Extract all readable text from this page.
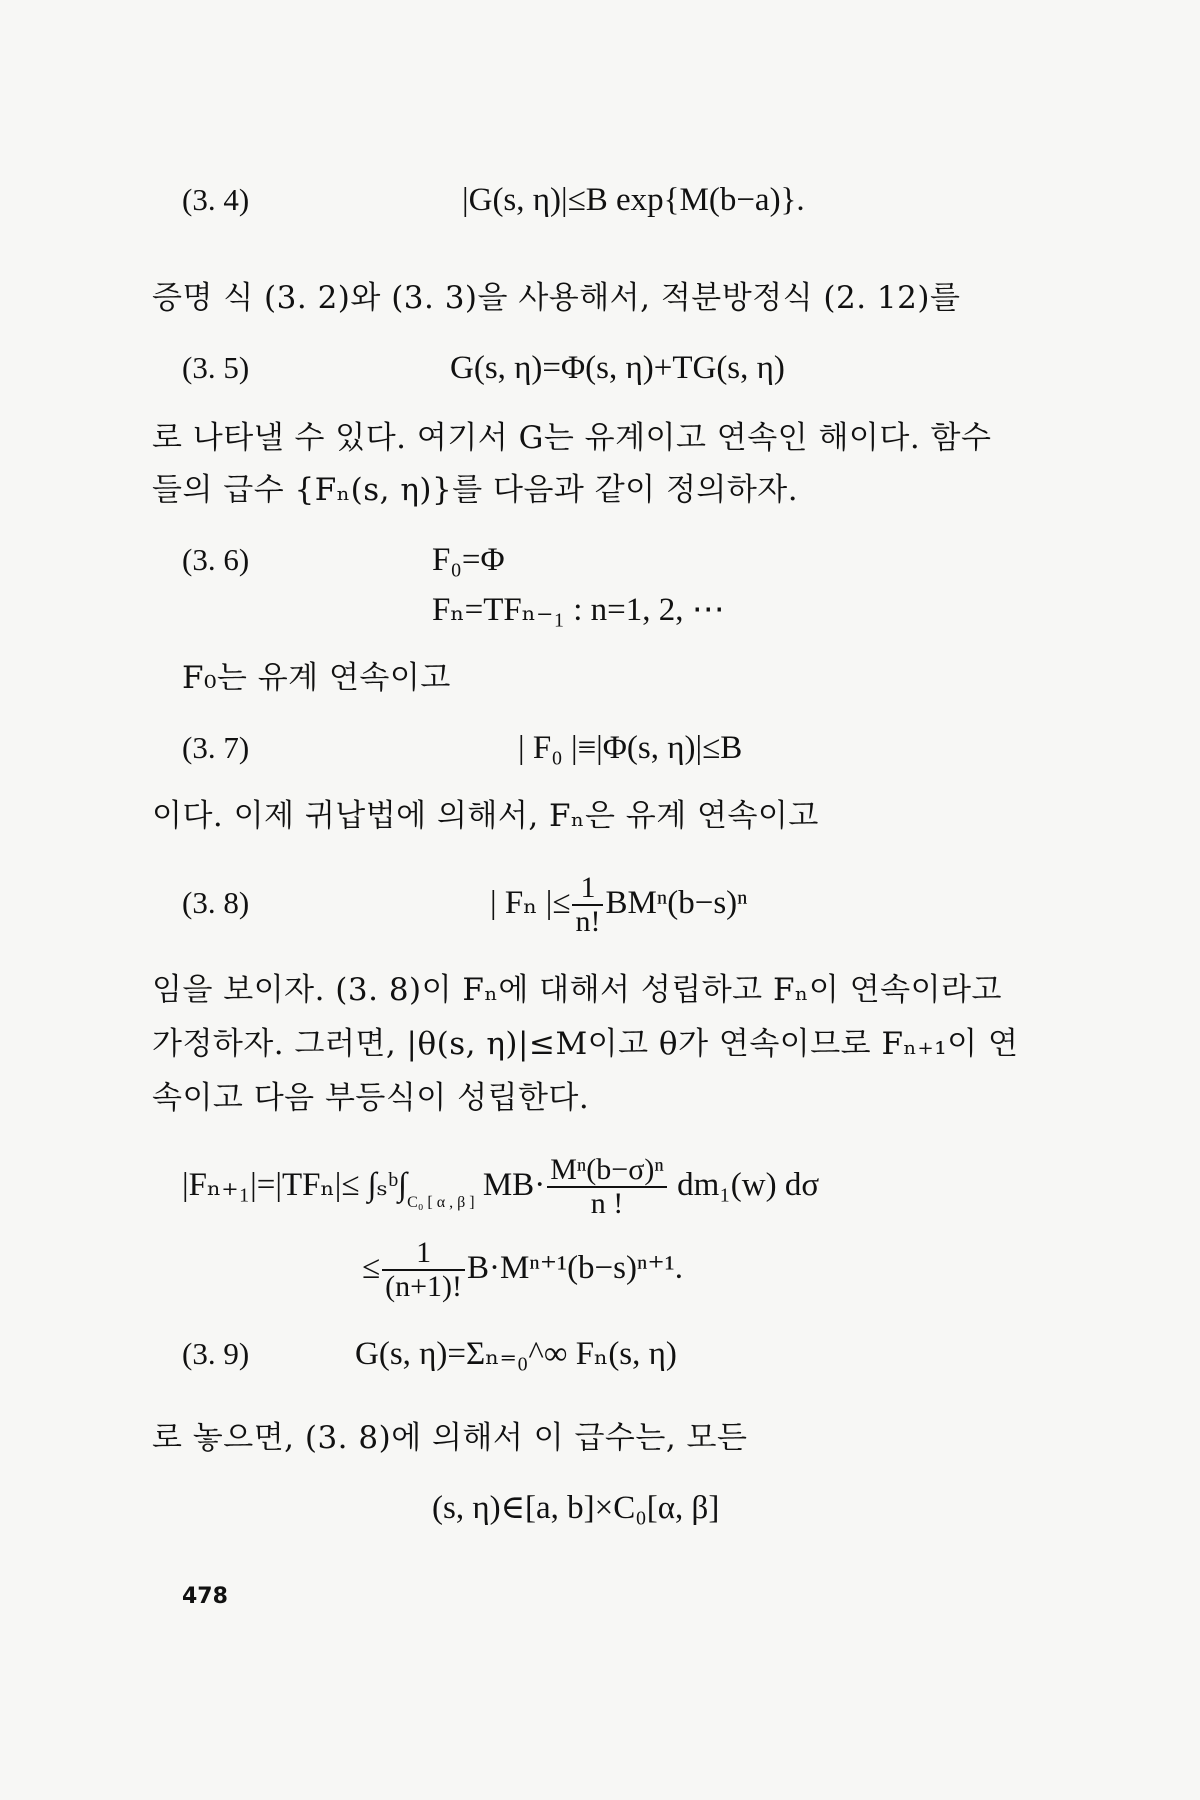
(3. 4)	|G(s, η)|≤B exp{M(b−a)}.
증명 식 (3. 2)와 (3. 3)을 사용해서, 적분방정식 (2. 12)를
(3. 5)	G(s, η)=Φ(s, η)+TG(s, η)
로 나타낼 수 있다. 여기서 G는 유계이고 연속인 해이다. 함수
들의 급수 {Fₙ(s, η)}를 다음과 같이 정의하자.
(3. 6)	F₀=Φ
Fₙ=TFₙ₋₁ : n=1, 2, ⋯
F₀는 유계 연속이고
(3. 7)	| F₀ |≡|Φ(s, η)|≤B
이다. 이제 귀납법에 의해서, Fₙ은 유계 연속이고
(3. 8)	| Fₙ |≤ $\frac{1}{n!} BM^n(b-s)^n$
임을 보이자. (3. 8)이 Fₙ에 대해서 성립하고 Fₙ이 연속이라고
가정하자. 그러면, |θ(s, η)|≤M이고 θ가 연속이므로 Fₙ₊₁이 연
속이고 다음 부등식이 성립한다.
$|F_{n+1}|=|TF_n|\le \int_sᵇ\int_{C_0 [ \alpha , \beta ]}$ $MB\cdot \frac{\text{Mⁿ(b−σ)ⁿ}}{n !} dm_1(w)$ dσ
≤ $\frac{1}{(n+1)!} B\cdot M^{n+1}(b-s)^{n+1}$.
(3. 9)	G(s, η)=Σₙ₌₀^∞ Fₙ(s, η)
로 놓으면, (3. 8)에 의해서 이 급수는, 모든
(s, η)∈[a, b]×C₀[α, β]
478
